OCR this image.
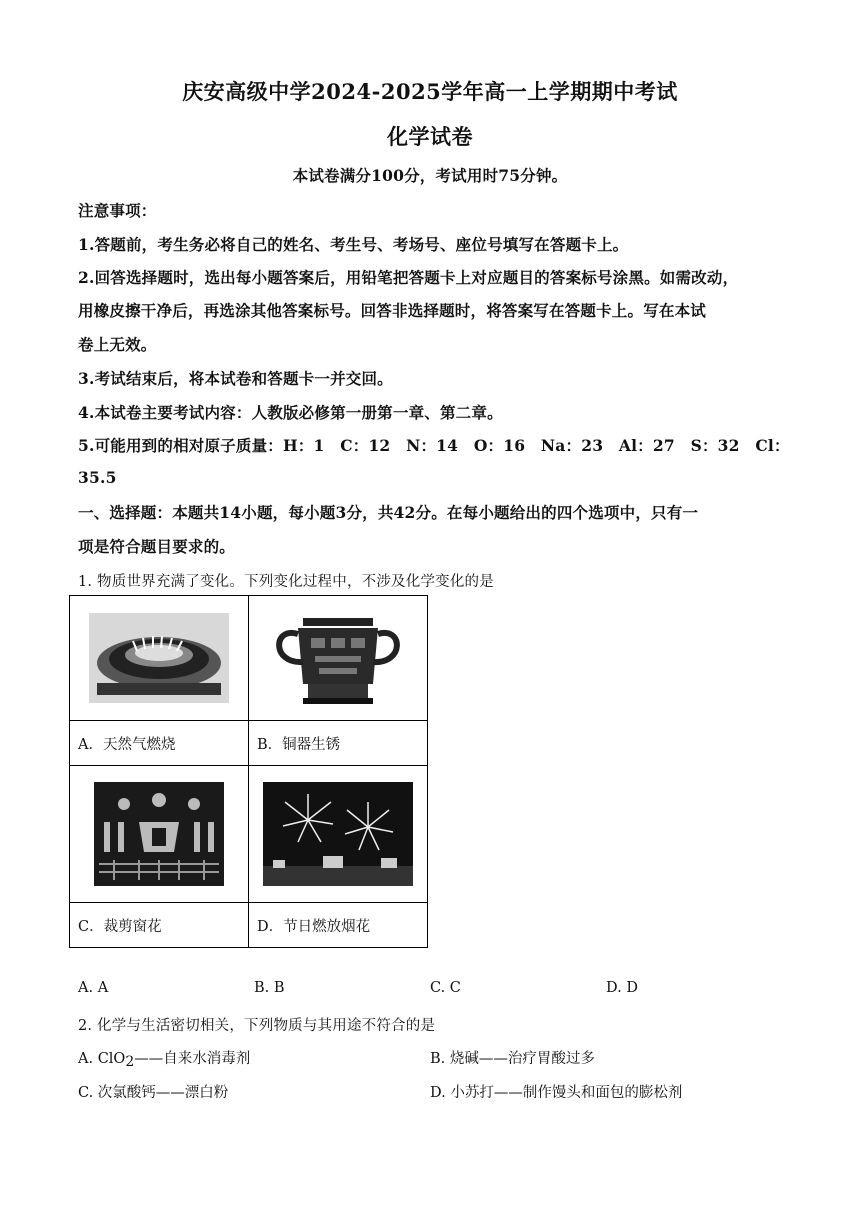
庆安高级中学2024-2025学年高一上学期期中考试
化学试卷
本试卷满分100分，考试用时75分钟。
注意事项：
1.答题前，考生务必将自己的姓名、考生号、考场号、座位号填写在答题卡上。
2.回答选择题时，选出每小题答案后，用铅笔把答题卡上对应题目的答案标号涂黑。如需改动，
用橡皮擦干净后，再选涂其他答案标号。回答非选择题时，将答案写在答题卡上。写在本试
卷上无效。
3.考试结束后，将本试卷和答题卡一并交回。
4.本试卷主要考试内容：人教版必修第一册第一章、第二章。
5.可能用到的相对原子质量：H：1　C：12　N：14　O：16　Na：23　Al：27　S：32　Cl：
35.5
一、选择题：本题共14小题，每小题3分，共42分。在每小题给出的四个选项中，只有一
项是符合题目要求的。
1. 物质世界充满了变化。下列变化过程中，不涉及化学变化的是

A．天然气燃烧	B．铜器生锈

C．裁剪窗花	D．节日燃放烟花
A. A	B. B	C. C	D. D
2. 化学与生活密切相关，下列物质与其用途不符合的是
A. ClO2——自来水消毒剂	B. 烧碱——治疗胃酸过多
C. 次氯酸钙——漂白粉	D. 小苏打——制作馒头和面包的膨松剂
